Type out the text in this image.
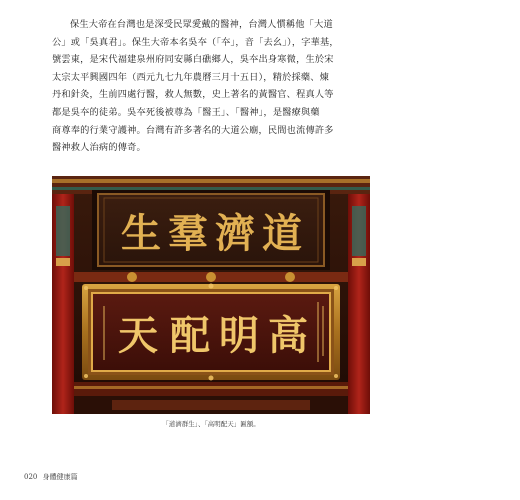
保生大帝在台灣也是深受民眾愛戴的醫神，台灣人慣稱他「大道
公」或「吳真君」。保生大帝本名吳夲（「夲」，音「去幺」），字華基，
號雲東，是宋代福建泉州府同安縣白礁鄉人，吳夲出身寒微，生於宋
太宗太平興國四年（西元九七九年農曆三月十五日），精於採藥、煉
丹和針灸，生前四處行醫，救人無數，史上著名的黃醫官、程真人等
都是吳夲的徒弟。吳夲死後被尊為「醫王」、「醫神」，是醫療與藥
商尊奉的行業守護神。台灣有許多著名的大道公廟，民間也流傳許多
醫神救人治病的傳奇。
道
濟
羣
生
高
明
配
天
「道濟群生」、「高明配天」匾額。
020 身體健康篇
